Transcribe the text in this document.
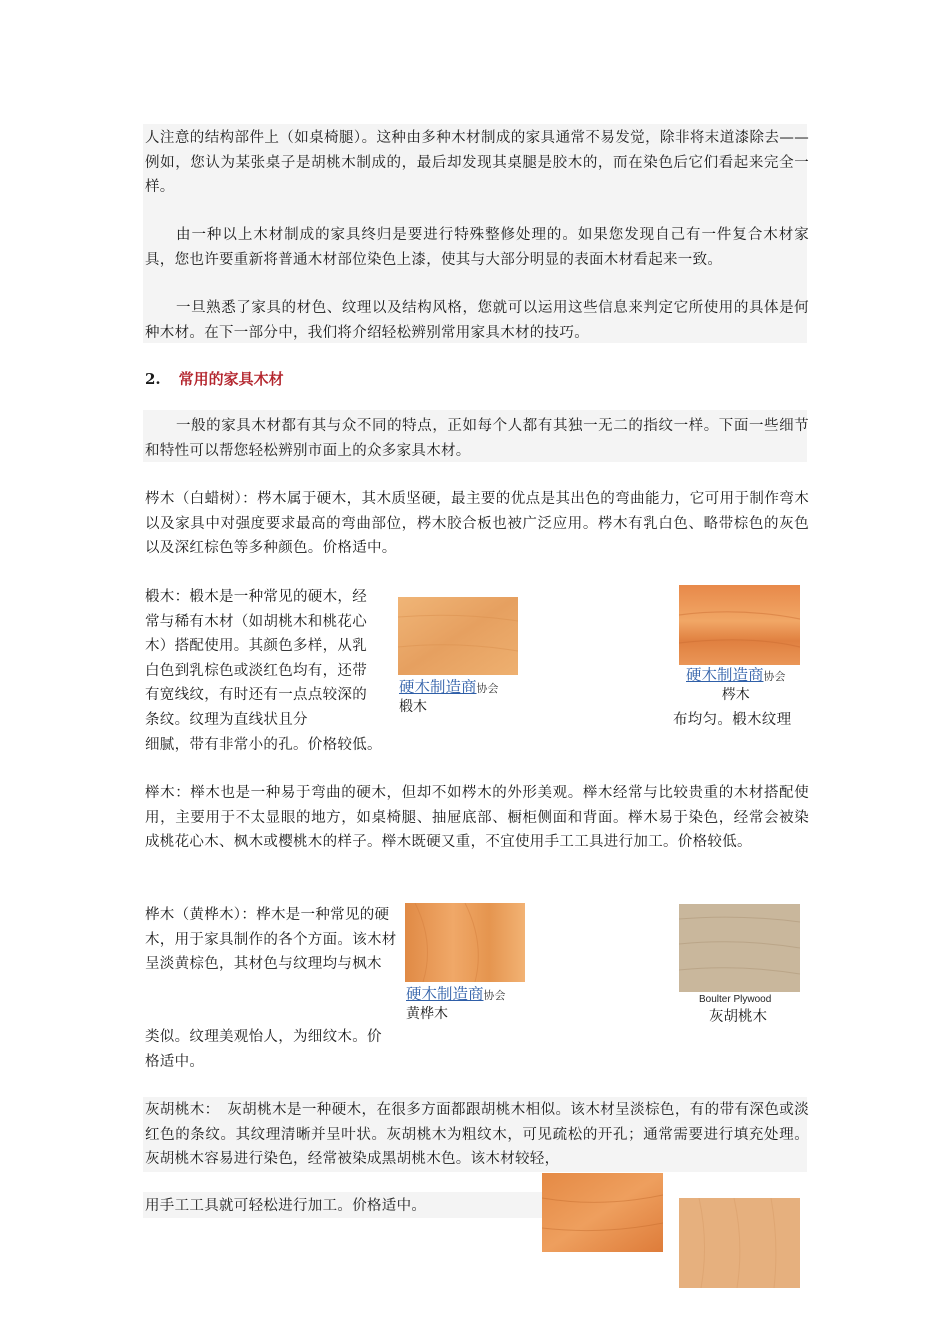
人注意的结构部件上（如桌椅腿）。这种由多种木材制成的家具通常不易发觉，除非将末道漆除去——例如，您认为某张桌子是胡桃木制成的，最后却发现其桌腿是胶木的，而在染色后它们看起来完全一样。

由一种以上木材制成的家具终归是要进行特殊整修处理的。如果您发现自己有一件复合木材家具，您也许要重新将普通木材部位染色上漆，使其与大部分明显的表面木材看起来一致。

一旦熟悉了家具的材色、纹理以及结构风格，您就可以运用这些信息来判定它所使用的具体是何种木材。在下一部分中，我们将介绍轻松辨别常用家具木材的技巧。

2. 常用的家具木材

一般的家具木材都有其与众不同的特点，正如每个人都有其独一无二的指纹一样。下面一些细节和特性可以帮您轻松辨别市面上的众多家具木材。

梣木（白蜡树）：梣木属于硬木，其木质坚硬，最主要的优点是其出色的弯曲能力，它可用于制作弯木以及家具中对强度要求最高的弯曲部位，梣木胶合板也被广泛应用。梣木有乳白色、略带棕色的灰色以及深红棕色等多种颜色。价格适中。

椴木：椴木是一种常见的硬木，经常与稀有木材（如胡桃木和桃花心木）搭配使用。其颜色多样，从乳白色到乳棕色或淡红色均有，还带有宽线纹，有时还有一点点较深的条纹。纹理为直线状且分	布均匀。椴木纹理

细腻，带有非常小的孔。价格较低。

硬木制造商协会
椴木
硬木制造商协会
梣木

榉木：榉木也是一种易于弯曲的硬木，但却不如梣木的外形美观。榉木经常与比较贵重的木材搭配使用，主要用于不太显眼的地方，如桌椅腿、抽屉底部、橱柜侧面和背面。榉木易于染色，经常会被染成桃花心木、枫木或樱桃木的样子。榉木既硬又重，不宜使用手工工具进行加工。价格较低。

桦木（黄桦木）：桦木是一种常见的硬木，用于家具制作的各个方面。该木材呈淡黄棕色，其材色与纹理均与枫木

类似。纹理美观怡人，为细纹木。价格适中。

硬木制造商协会
黄桦木
Boulter Plywood
灰胡桃木

灰胡桃木：　灰胡桃木是一种硬木，在很多方面都跟胡桃木相似。该木材呈淡棕色，有的带有深色或淡红色的条纹。其纹理清晰并呈叶状。灰胡桃木为粗纹木，可见疏松的开孔；通常需要进行填充处理。灰胡桃木容易进行染色，经常被染成黑胡桃木色。该木材较轻，

用手工工具就可轻松进行加工。价格适中。
